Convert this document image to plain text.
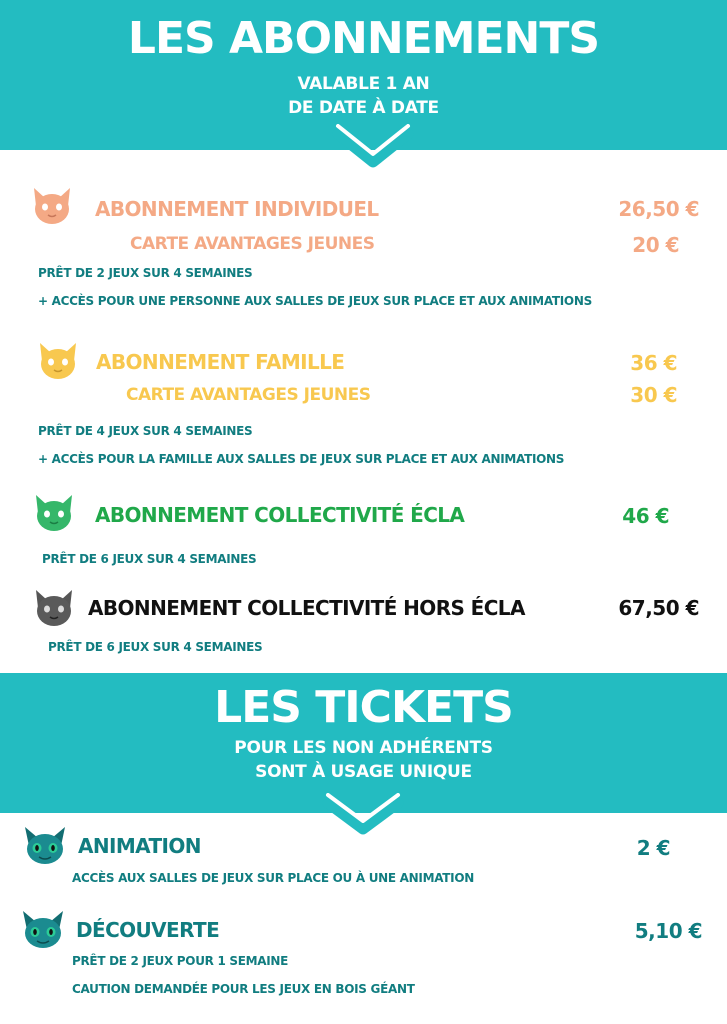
LES ABONNEMENTS
VALABLE 1 AN
DE DATE À DATE
ABONNEMENT INDIVIDUEL	26,50 €
CARTE AVANTAGES JEUNES	20 €
PRÊT DE 2 JEUX SUR 4 SEMAINES
+ ACCÈS POUR UNE PERSONNE AUX SALLES DE JEUX SUR PLACE ET AUX ANIMATIONS
ABONNEMENT FAMILLE	36 €
CARTE AVANTAGES JEUNES	30 €
PRÊT DE 4 JEUX SUR 4 SEMAINES
+ ACCÈS POUR LA FAMILLE AUX SALLES DE JEUX SUR PLACE ET AUX ANIMATIONS
ABONNEMENT COLLECTIVITÉ ÉCLA	46 €
PRÊT DE 6 JEUX SUR 4 SEMAINES
ABONNEMENT COLLECTIVITÉ HORS ÉCLA	67,50 €
PRÊT DE 6 JEUX SUR 4 SEMAINES
LES TICKETS
POUR LES NON ADHÉRENTS
SONT À USAGE UNIQUE
ANIMATION	2 €
ACCÈS AUX SALLES DE JEUX SUR PLACE OU À UNE ANIMATION
DÉCOUVERTE	5,10 €
PRÊT DE 2 JEUX POUR 1 SEMAINE
CAUTION DEMANDÉE POUR LES JEUX EN BOIS GÉANT
